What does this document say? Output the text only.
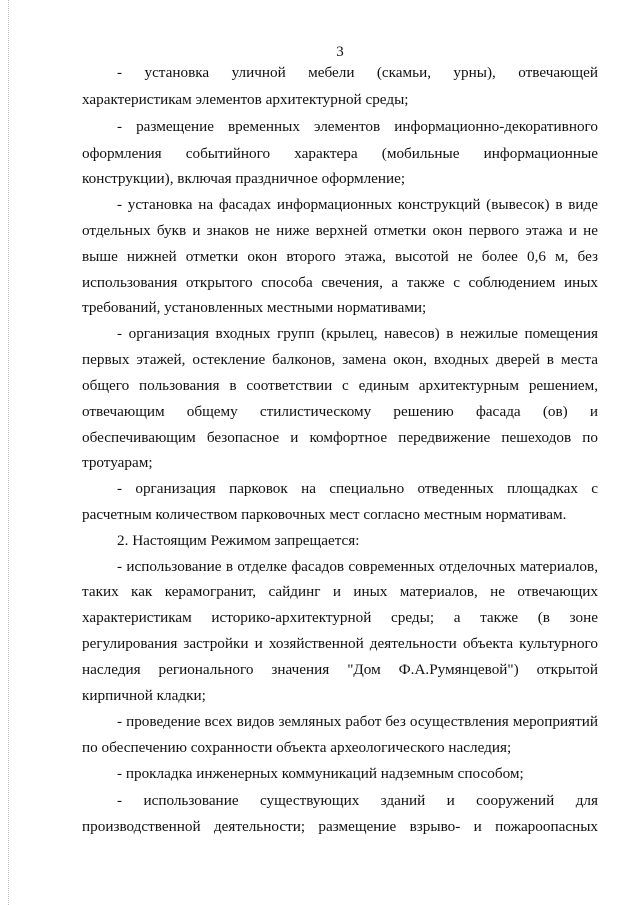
3
- установка уличной мебели (скамьи, урны), отвечающей
характеристикам элементов архитектурной среды;
- размещение временных элементов информационно-декоративного
оформления событийного характера (мобильные информационные
конструкции), включая праздничное оформление;
- установка на фасадах информационных конструкций (вывесок) в виде
отдельных букв и знаков не ниже верхней отметки окон первого этажа и не
выше нижней отметки окон второго этажа, высотой не более 0,6 м, без
использования открытого способа свечения, а также с соблюдением иных
требований, установленных местными нормативами;
- организация входных групп (крылец, навесов) в нежилые помещения
первых этажей, остекление балконов, замена окон, входных дверей в места
общего пользования в соответствии с единым архитектурным решением,
отвечающим общему стилистическому решению фасада (ов) и
обеспечивающим безопасное и комфортное передвижение пешеходов по
тротуарам;
- организация парковок на специально отведенных площадках с
расчетным количеством парковочных мест согласно местным нормативам.
2. Настоящим Режимом запрещается:
- использование в отделке фасадов современных отделочных материалов,
таких как керамогранит, сайдинг и иных материалов, не отвечающих
характеристикам историко-архитектурной среды; а также (в зоне
регулирования застройки и хозяйственной деятельности объекта культурного
наследия регионального значения "Дом Ф.А.Румянцевой") открытой
кирпичной кладки;
- проведение всех видов земляных работ без осуществления мероприятий
по обеспечению сохранности объекта археологического наследия;
- прокладка инженерных коммуникаций надземным способом;
- использование существующих зданий и сооружений для
производственной деятельности; размещение взрыво- и пожароопасных
